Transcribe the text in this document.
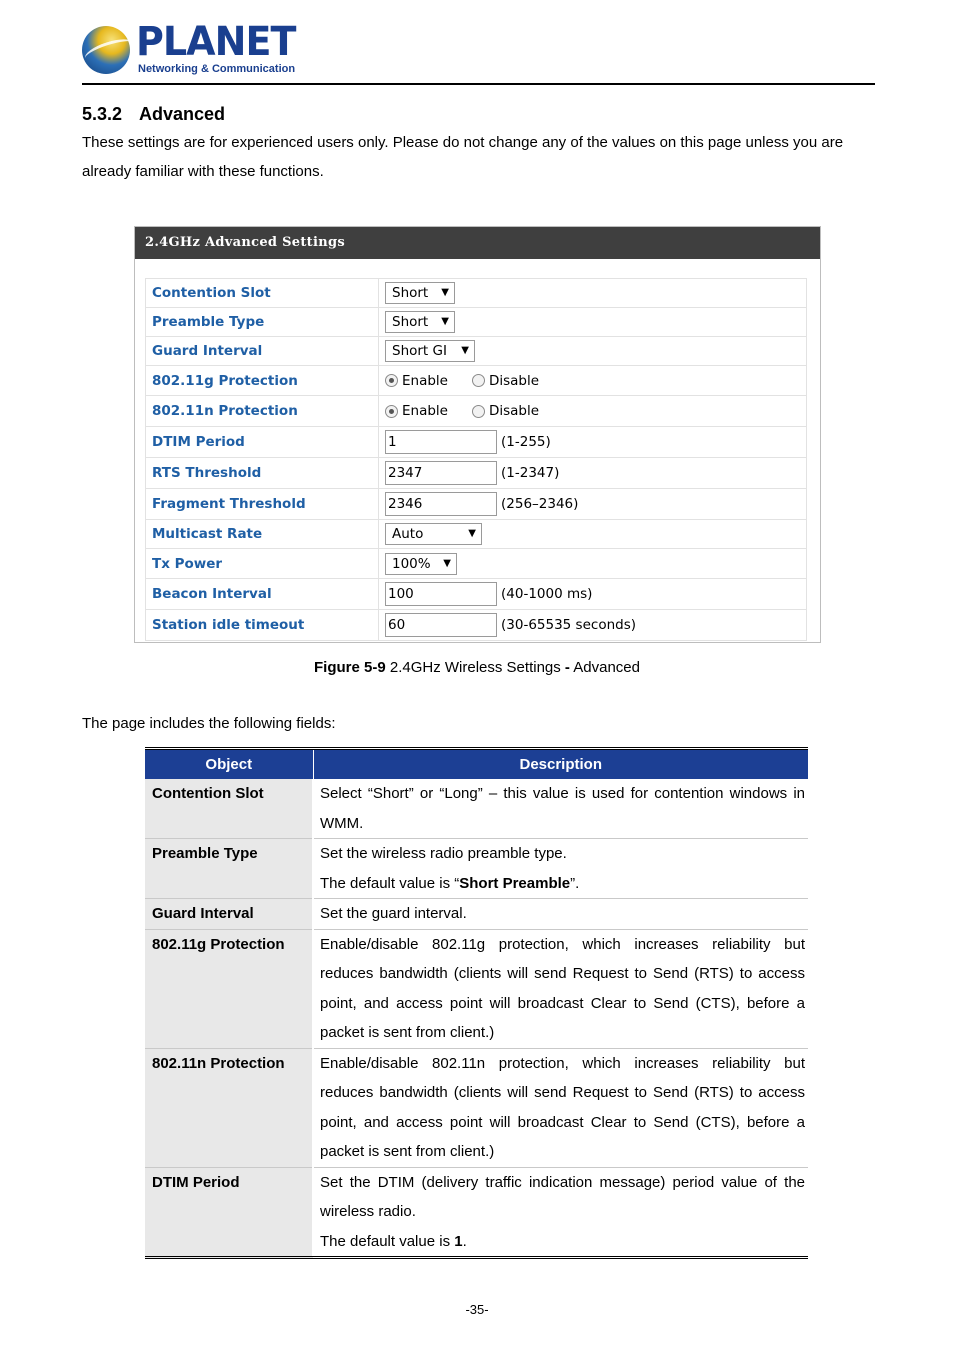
PLANET
Networking & Communication
5.3.2 Advanced
These settings are for experienced users only. Please do not change any of the values on this page unless you are already familiar with these functions.
2.4GHz Advanced Settings
Contention Slot	Short ▼

Preamble Type	Short ▼

Guard Interval	Short GI ▼

802.11g Protection	Enable Disable
802.11n Protection	Enable Disable
DTIM Period	1 (1-255)
RTS Threshold	2347 (1-2347)
Fragment Threshold	2346 (256–2346)
Multicast Rate	Auto ▼

Tx Power	100% ▼

Beacon Interval	100 (40-1000 ms)
Station idle timeout	60 (30-65535 seconds)
Figure 5-9 2.4GHz Wireless Settings - Advanced
The page includes the following fields:
Object	Description
Contention Slot	Select “Short” or “Long” – this value is used for contention windows in WMM.

Preamble Type	Set the wireless radio preamble type.
The default value is “Short Preamble”.

Guard Interval	Set the guard interval.

802.11g Protection	Enable/disable 802.11g protection, which increases reliability but reduces bandwidth (clients will send Request to Send (RTS) to access point, and access point will broadcast Clear to Send (CTS), before a packet is sent from client.)

802.11n Protection	Enable/disable 802.11n protection, which increases reliability but reduces bandwidth (clients will send Request to Send (RTS) to access point, and access point will broadcast Clear to Send (CTS), before a packet is sent from client.)

DTIM Period	Set the DTIM (delivery traffic indication message) period value of the wireless radio.
The default value is 1.
-35-
